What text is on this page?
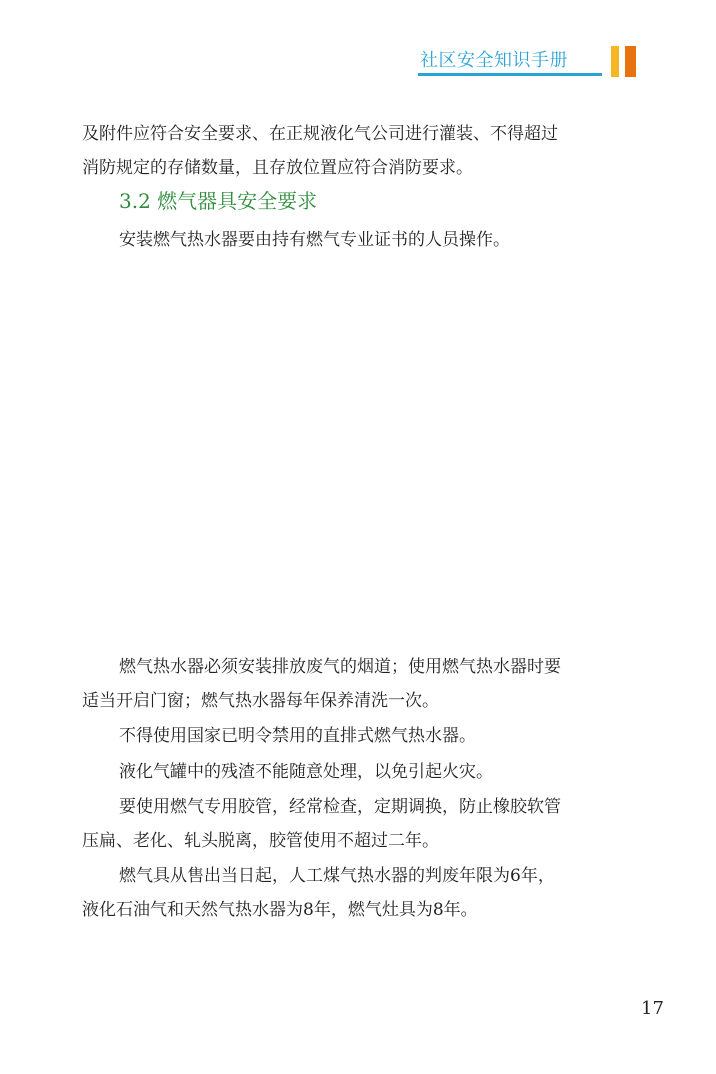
社区安全知识手册
及附件应符合安全要求、在正规液化气公司进行灌装、不得超过
消防规定的存储数量，且存放位置应符合消防要求。
3.2 燃气器具安全要求
安装燃气热水器要由持有燃气专业证书的人员操作。
燃气热水器必须安装排放废气的烟道；使用燃气热水器时要
适当开启门窗；燃气热水器每年保养清洗一次。
不得使用国家已明令禁用的直排式燃气热水器。
液化气罐中的残渣不能随意处理，以免引起火灾。
要使用燃气专用胶管，经常检查，定期调换，防止橡胶软管
压扁、老化、轧头脱离，胶管使用不超过二年。
燃气具从售出当日起，人工煤气热水器的判废年限为6年，
液化石油气和天然气热水器为8年，燃气灶具为8年。
17
